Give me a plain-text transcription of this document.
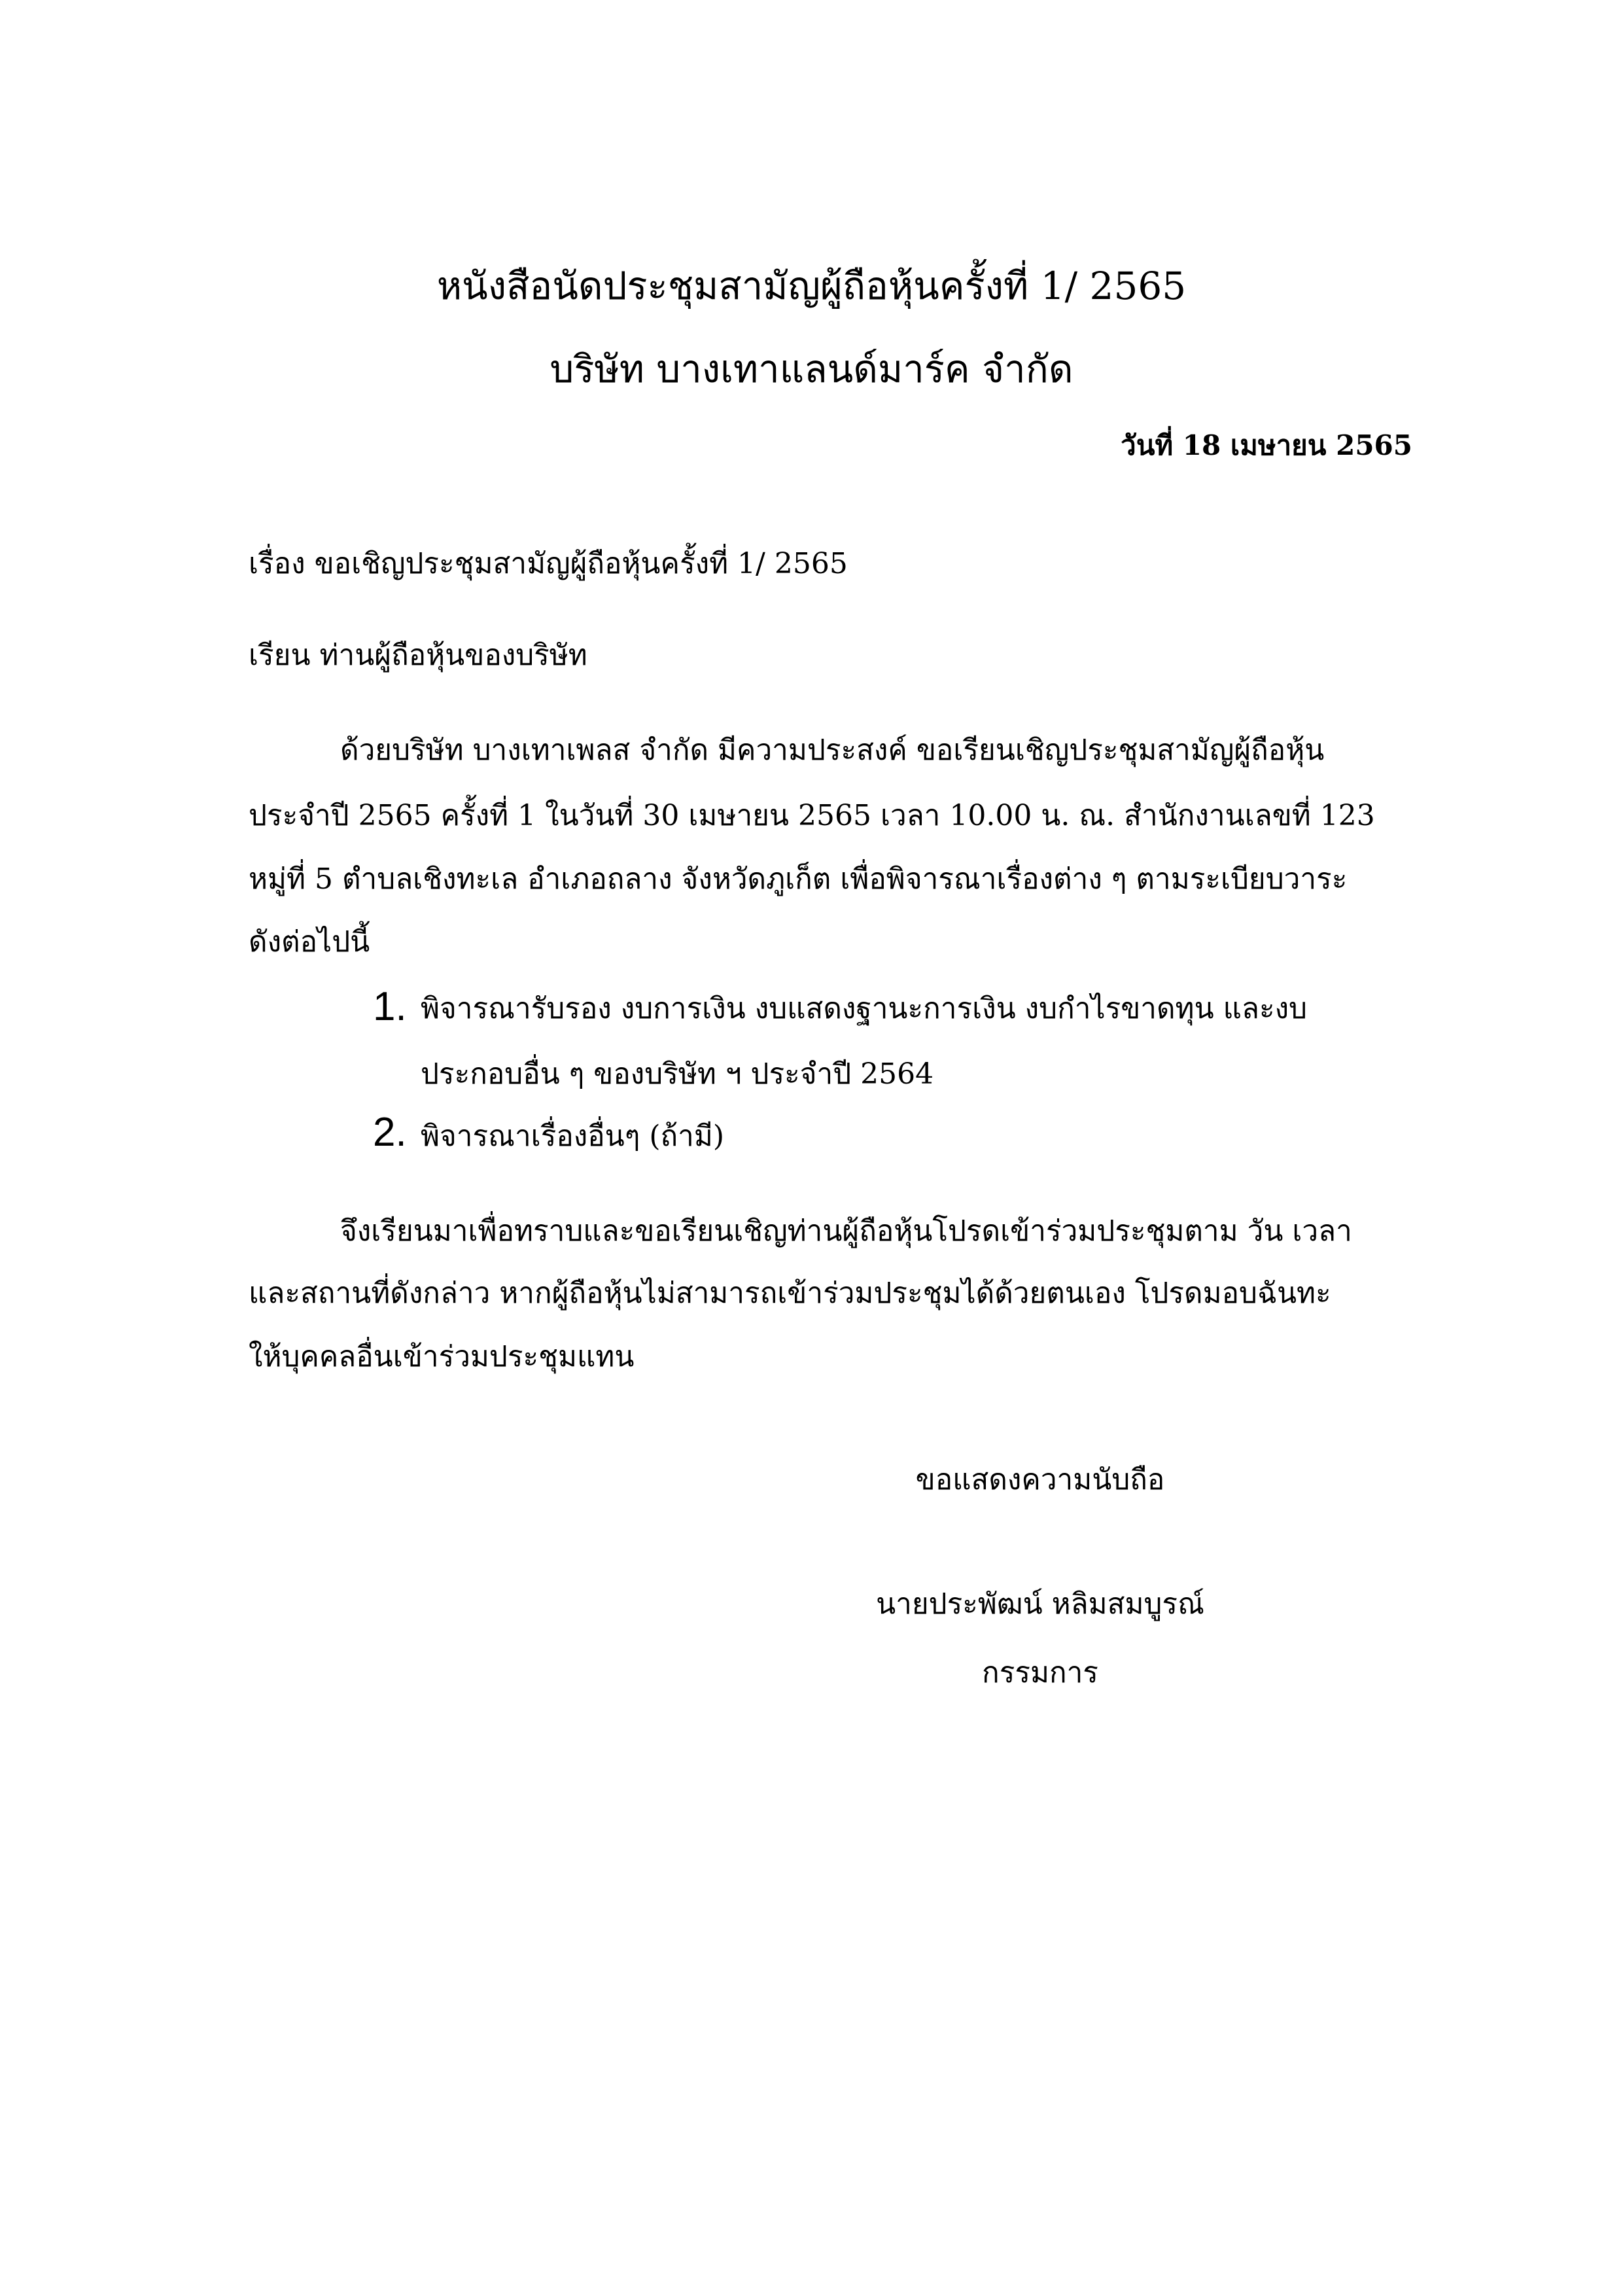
หนังสือนัดประชุมสามัญผู้ถือหุ้นครั้งที่ 1/ 2565
บริษัท บางเทาแลนด์มาร์ค จำกัด
วันที่ 18 เมษายน 2565
เรื่อง ขอเชิญประชุมสามัญผู้ถือหุ้นครั้งที่ 1/ 2565
เรียน ท่านผู้ถือหุ้นของบริษัท
ด้วยบริษัท บางเทาเพลส จำกัด มีความประสงค์ ขอเรียนเชิญประชุมสามัญผู้ถือหุ้น
ประจำปี 2565 ครั้งที่ 1 ในวันที่ 30 เมษายน 2565 เวลา 10.00 น. ณ. สำนักงานเลขที่ 123
หมู่ที่ 5 ตำบลเชิงทะเล อำเภอถลาง จังหวัดภูเก็ต เพื่อพิจารณาเรื่องต่าง ๆ ตามระเบียบวาระ
ดังต่อไปนี้
1. พิจารณารับรอง งบการเงิน งบแสดงฐานะการเงิน งบกำไรขาดทุน และงบ
ประกอบอื่น ๆ ของบริษัท ฯ ประจำปี 2564
2. พิจารณาเรื่องอื่นๆ (ถ้ามี)
จึงเรียนมาเพื่อทราบและขอเรียนเชิญท่านผู้ถือหุ้นโปรดเข้าร่วมประชุมตาม วัน เวลา
และสถานที่ดังกล่าว หากผู้ถือหุ้นไม่สามารถเข้าร่วมประชุมได้ด้วยตนเอง โปรดมอบฉันทะ
ให้บุคคลอื่นเข้าร่วมประชุมแทน
ขอแสดงความนับถือ
นายประพัฒน์ หลิมสมบูรณ์
กรรมการ
